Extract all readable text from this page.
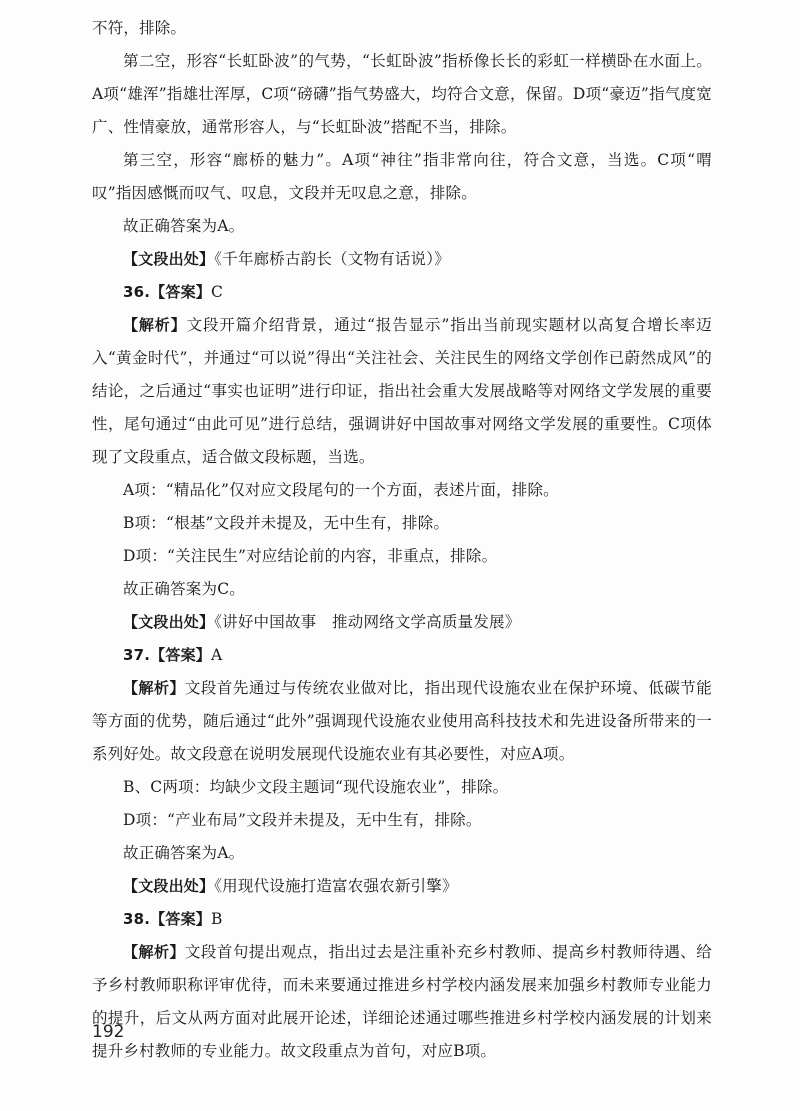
不符，排除。

第二空，形容“长虹卧波”的气势，“长虹卧波”指桥像长长的彩虹一样横卧在水面上。A项“雄浑”指雄壮浑厚，C项“磅礴”指气势盛大，均符合文意，保留。D项“豪迈”指气度宽广、性情豪放，通常形容人，与“长虹卧波”搭配不当，排除。

第三空，形容“廊桥的魅力”。A项“神往”指非常向往，符合文意，当选。C项“喟叹”指因感慨而叹气、叹息，文段并无叹息之意，排除。

故正确答案为A。

【文段出处】《千年廊桥古韵长（文物有话说）》

36.【答案】C

【解析】文段开篇介绍背景，通过“报告显示”指出当前现实题材以高复合增长率迈入“黄金时代”，并通过“可以说”得出“关注社会、关注民生的网络文学创作已蔚然成风”的结论，之后通过“事实也证明”进行印证，指出社会重大发展战略等对网络文学发展的重要性，尾句通过“由此可见”进行总结，强调讲好中国故事对网络文学发展的重要性。C项体现了文段重点，适合做文段标题，当选。

A项：“精品化”仅对应文段尾句的一个方面，表述片面，排除。

B项：“根基”文段并未提及，无中生有，排除。

D项：“关注民生”对应结论前的内容，非重点，排除。

故正确答案为C。

【文段出处】《讲好中国故事　推动网络文学高质量发展》

37.【答案】A

【解析】文段首先通过与传统农业做对比，指出现代设施农业在保护环境、低碳节能等方面的优势，随后通过“此外”强调现代设施农业使用高科技技术和先进设备所带来的一系列好处。故文段意在说明发展现代设施农业有其必要性，对应A项。

B、C两项：均缺少文段主题词“现代设施农业”，排除。

D项：“产业布局”文段并未提及，无中生有，排除。

故正确答案为A。

【文段出处】《用现代设施打造富农强农新引擎》

38.【答案】B

【解析】文段首句提出观点，指出过去是注重补充乡村教师、提高乡村教师待遇、给予乡村教师职称评审优待，而未来要通过推进乡村学校内涵发展来加强乡村教师专业能力的提升，后文从两方面对此展开论述，详细论述通过哪些推进乡村学校内涵发展的计划来提升乡村教师的专业能力。故文段重点为首句，对应B项。

192
